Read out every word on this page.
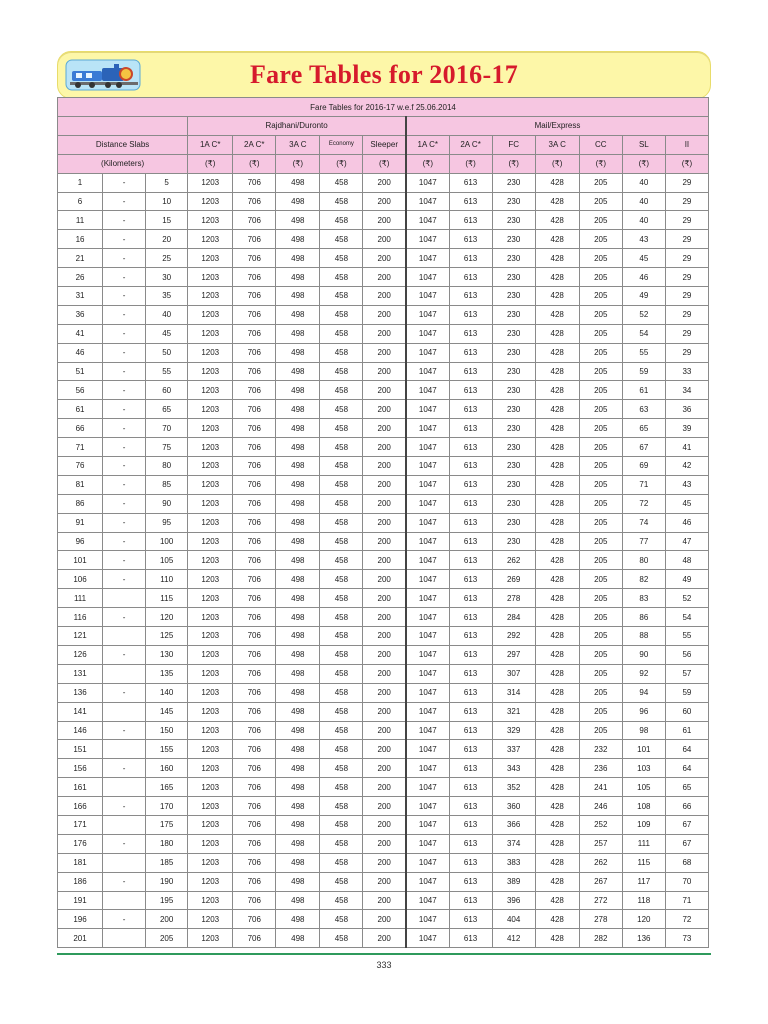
Fare Tables for 2016-17
Fare Tables for 2016-17 w.e.f 25.06.2014														
			Rajdhani/Duronto					Mail/Express						
Distance Slabs			1A C*	2A C*	3A C	Economy	Sleeper	1A C*	2A C*	FC	3A C	CC	SL	II
(Kilometers)			(₹)	(₹)	(₹)	(₹)	(₹)	(₹)	(₹)	(₹)	(₹)	(₹)	(₹)	(₹)
1	-	5	1203	706	498	458	200	1047	613	230	428	205	40	29
6	-	10	1203	706	498	458	200	1047	613	230	428	205	40	29
11	-	15	1203	706	498	458	200	1047	613	230	428	205	40	29
16	-	20	1203	706	498	458	200	1047	613	230	428	205	43	29
21	-	25	1203	706	498	458	200	1047	613	230	428	205	45	29
26	-	30	1203	706	498	458	200	1047	613	230	428	205	46	29
31	-	35	1203	706	498	458	200	1047	613	230	428	205	49	29
36	-	40	1203	706	498	458	200	1047	613	230	428	205	52	29
41	-	45	1203	706	498	458	200	1047	613	230	428	205	54	29
46	-	50	1203	706	498	458	200	1047	613	230	428	205	55	29
51	-	55	1203	706	498	458	200	1047	613	230	428	205	59	33
56	-	60	1203	706	498	458	200	1047	613	230	428	205	61	34
61	-	65	1203	706	498	458	200	1047	613	230	428	205	63	36
66	-	70	1203	706	498	458	200	1047	613	230	428	205	65	39
71	-	75	1203	706	498	458	200	1047	613	230	428	205	67	41
76	-	80	1203	706	498	458	200	1047	613	230	428	205	69	42
81	-	85	1203	706	498	458	200	1047	613	230	428	205	71	43
86	-	90	1203	706	498	458	200	1047	613	230	428	205	72	45
91	-	95	1203	706	498	458	200	1047	613	230	428	205	74	46
96	-	100	1203	706	498	458	200	1047	613	230	428	205	77	47
101	-	105	1203	706	498	458	200	1047	613	262	428	205	80	48
106	-	110	1203	706	498	458	200	1047	613	269	428	205	82	49
111		115	1203	706	498	458	200	1047	613	278	428	205	83	52
116	-	120	1203	706	498	458	200	1047	613	284	428	205	86	54
121		125	1203	706	498	458	200	1047	613	292	428	205	88	55
126	-	130	1203	706	498	458	200	1047	613	297	428	205	90	56
131		135	1203	706	498	458	200	1047	613	307	428	205	92	57
136	-	140	1203	706	498	458	200	1047	613	314	428	205	94	59
141		145	1203	706	498	458	200	1047	613	321	428	205	96	60
146	-	150	1203	706	498	458	200	1047	613	329	428	205	98	61
151		155	1203	706	498	458	200	1047	613	337	428	232	101	64
156	-	160	1203	706	498	458	200	1047	613	343	428	236	103	64
161		165	1203	706	498	458	200	1047	613	352	428	241	105	65
166	-	170	1203	706	498	458	200	1047	613	360	428	246	108	66
171		175	1203	706	498	458	200	1047	613	366	428	252	109	67
176	-	180	1203	706	498	458	200	1047	613	374	428	257	111	67
181		185	1203	706	498	458	200	1047	613	383	428	262	115	68
186	-	190	1203	706	498	458	200	1047	613	389	428	267	117	70
191		195	1203	706	498	458	200	1047	613	396	428	272	118	71
196	-	200	1203	706	498	458	200	1047	613	404	428	278	120	72
201		205	1203	706	498	458	200	1047	613	412	428	282	136	73
333
